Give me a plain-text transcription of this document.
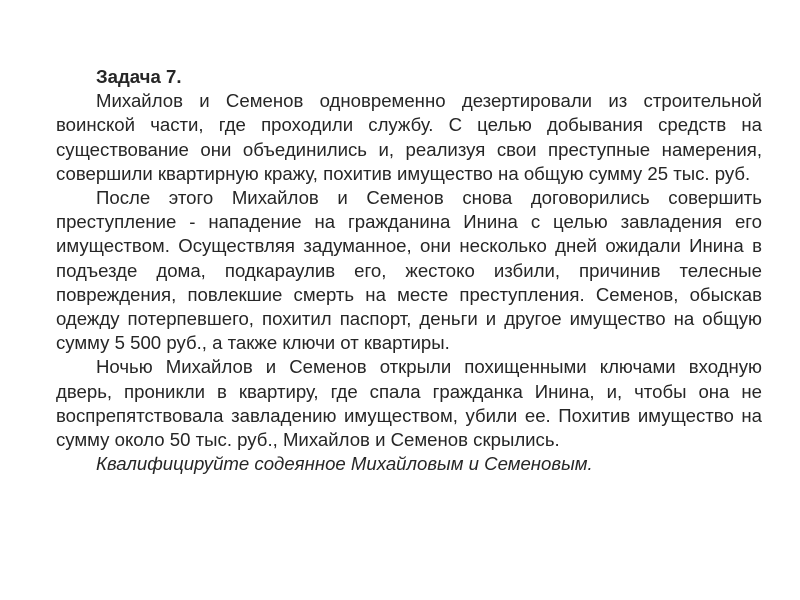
Задача 7.

Михайлов и Семенов одновременно дезертировали из строительной воинской части, где проходили службу. С целью добывания средств на существование они объединились и, реализуя свои преступные намерения, совершили квартирную кражу, похитив имущество на общую сумму 25 тыс. руб.

После этого Михайлов и Семенов снова договорились совершить преступление - нападение на гражданина Инина с целью завладения его имуществом. Осуществляя задуманное, они несколько дней ожидали Инина в подъезде дома, подкараулив его, жестоко избили, причинив телесные повреждения, повлекшие смерть на месте преступления. Семенов, обыскав одежду потерпевшего, похитил паспорт, деньги и другое имущество на общую сумму 5 500 руб., а также ключи от квартиры.

Ночью Михайлов и Семенов открыли похищенными ключами входную дверь, проникли в квартиру, где спала гражданка Инина, и, чтобы она не воспрепятствовала завладению имуществом, убили ее. Похитив имущество на сумму около 50 тыс. руб., Михайлов и Семенов скрылись.

Квалифицируйте содеянное Михайловым и Семеновым.
